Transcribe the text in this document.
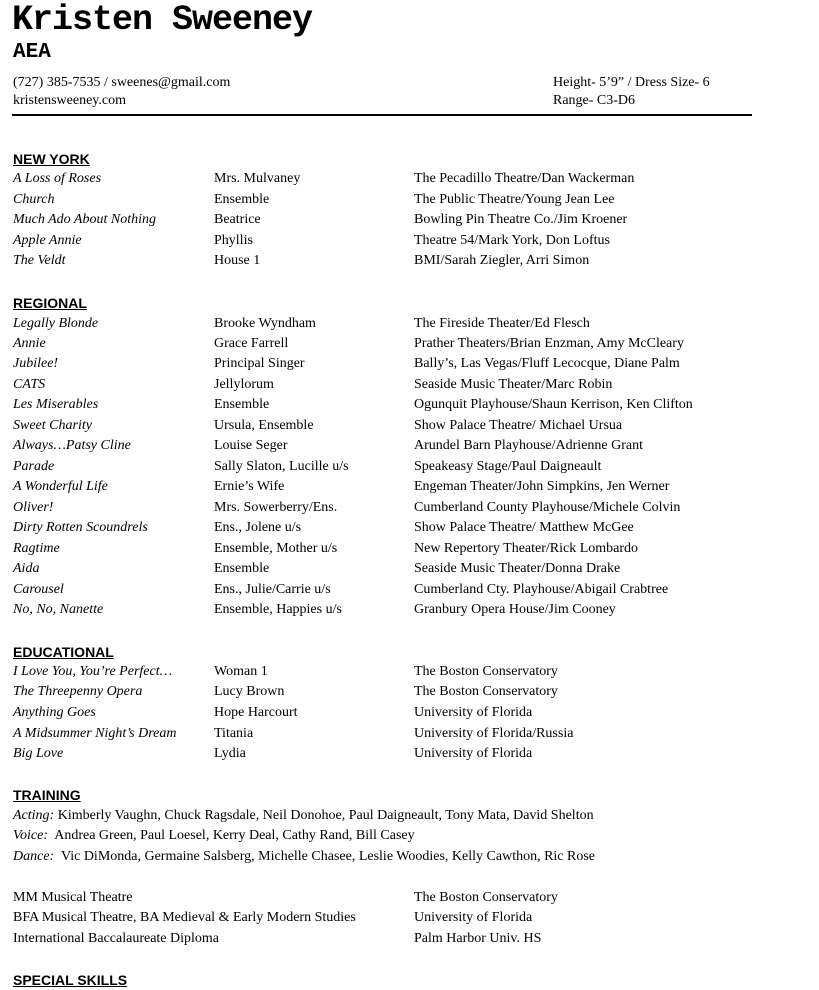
Kristen Sweeney
AEA
(727) 385-7535 / sweenes@gmail.com
kristensweeney.com
Height- 5’9” / Dress Size- 6
Range- C3-D6
NEW YORK
A Loss of Roses	Mrs. Mulvaney	The Pecadillo Theatre/Dan Wackerman
Church	Ensemble	The Public Theatre/Young Jean Lee
Much Ado About Nothing	Beatrice	Bowling Pin Theatre Co./Jim Kroener
Apple Annie	Phyllis	Theatre 54/Mark York, Don Loftus
The Veldt	House 1	BMI/Sarah Ziegler, Arri Simon
REGIONAL
Legally Blonde	Brooke Wyndham	The Fireside Theater/Ed Flesch
Annie	Grace Farrell	Prather Theaters/Brian Enzman, Amy McCleary
Jubilee!	Principal Singer	Bally’s, Las Vegas/Fluff Lecocque, Diane Palm
CATS	Jellylorum	Seaside Music Theater/Marc Robin
Les Miserables	Ensemble	Ogunquit Playhouse/Shaun Kerrison, Ken Clifton
Sweet Charity	Ursula, Ensemble	Show Palace Theatre/ Michael Ursua
Always…Patsy Cline	Louise Seger	Arundel Barn Playhouse/Adrienne Grant
Parade	Sally Slaton, Lucille u/s	Speakeasy Stage/Paul Daigneault
A Wonderful Life	Ernie’s Wife	Engeman Theater/John Simpkins, Jen Werner
Oliver!	Mrs. Sowerberry/Ens.	Cumberland County Playhouse/Michele Colvin
Dirty Rotten Scoundrels	Ens., Jolene u/s	Show Palace Theatre/ Matthew McGee
Ragtime	Ensemble, Mother u/s	New Repertory Theater/Rick Lombardo
Aida	Ensemble	Seaside Music Theater/Donna Drake
Carousel	Ens., Julie/Carrie u/s	Cumberland Cty. Playhouse/Abigail Crabtree
No, No, Nanette	Ensemble, Happies u/s	Granbury Opera House/Jim Cooney
EDUCATIONAL
I Love You, You’re Perfect…	Woman 1	The Boston Conservatory
The Threepenny Opera	Lucy Brown	The Boston Conservatory
Anything Goes	Hope Harcourt	University of Florida
A Midsummer Night’s Dream	Titania	University of Florida/Russia
Big Love	Lydia	University of Florida
TRAINING
Acting: Kimberly Vaughn, Chuck Ragsdale, Neil Donohoe, Paul Daigneault, Tony Mata, David Shelton
Voice:  Andrea Green, Paul Loesel, Kerry Deal, Cathy Rand, Bill Casey
Dance:  Vic DiMonda, Germaine Salsberg, Michelle Chasee, Leslie Woodies, Kelly Cawthon, Ric Rose
MM Musical Theatre	The Boston Conservatory
BFA Musical Theatre, BA Medieval & Early Modern Studies	University of Florida
International Baccalaureate Diploma	Palm Harbor Univ. HS
SPECIAL SKILLS
